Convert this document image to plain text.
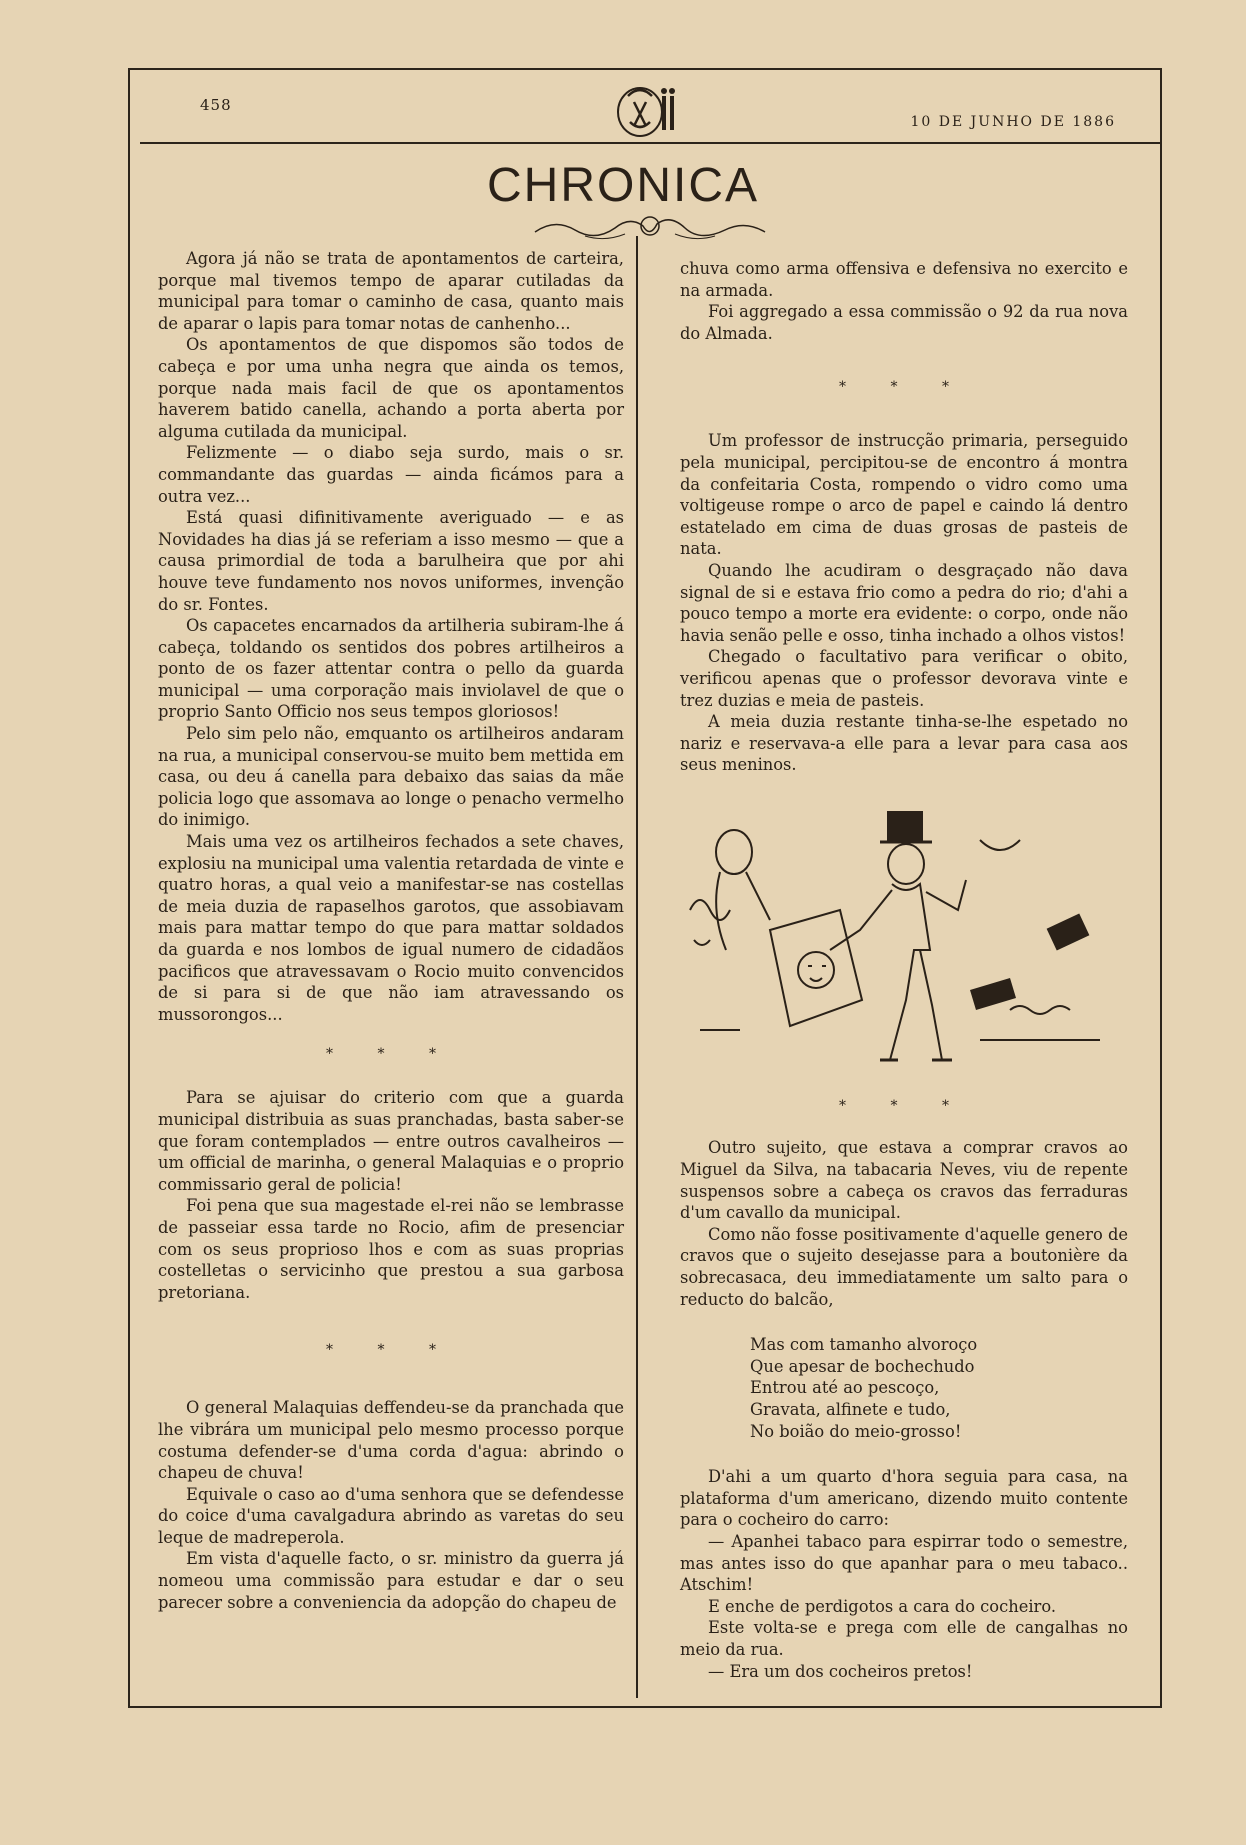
458
10 DE JUNHO DE 1886
CHRONICA

Agora já não se trata de apontamentos de carteira, porque mal tivemos tempo de aparar cutiladas da municipal para tomar o caminho de casa, quanto mais de aparar o lapis para tomar notas de canhenho...

Os apontamentos de que dispomos são todos de cabeça e por uma unha negra que ainda os temos, porque nada mais facil de que os apontamentos haverem batido canella, achando a porta aberta por alguma cutilada da municipal.

Felizmente — o diabo seja surdo, mais o sr. commandante das guardas — ainda ficámos para a outra vez...

Está quasi difinitivamente averiguado — e as Novidades ha dias já se referiam a isso mesmo — que a causa primordial de toda a barulheira que por ahi houve teve fundamento nos novos uniformes, invenção do sr. Fontes.

Os capacetes encarnados da artilheria subiram-lhe á cabeça, toldando os sentidos dos pobres artilheiros a ponto de os fazer attentar contra o pello da guarda municipal — uma corporação mais inviolavel de que o proprio Santo Officio nos seus tempos gloriosos!

Pelo sim pelo não, emquanto os artilheiros andaram na rua, a municipal conservou-se muito bem mettida em casa, ou deu á canella para debaixo das saias da mãe policia logo que assomava ao longe o penacho vermelho do inimigo.

Mais uma vez os artilheiros fechados a sete chaves, explosiu na municipal uma valentia retardada de vinte e quatro horas, a qual veio a manifestar-se nas costellas de meia duzia de rapaselhos garotos, que assobiavam mais para mattar tempo do que para mattar soldados da guarda e nos lombos de igual numero de cidadãos pacificos que atravessavam o Rocio muito convencidos de si para si de que não iam atravessando os mussorongos...

* * *

Para se ajuisar do criterio com que a guarda municipal distribuia as suas pranchadas, basta saber-se que foram contemplados — entre outros cavalheiros — um official de marinha, o general Malaquias e o proprio commissario geral de policia!

Foi pena que sua magestade el-rei não se lembrasse de passeiar essa tarde no Rocio, afim de presenciar com os seus propriosо lhos e com as suas proprias costelletas o servicinho que prestou a sua garbosa pretoriana.

* * *

O general Malaquias deffendeu-se da pranchada que lhe vibrára um municipal pelo mesmo processo porque costuma defender-se d'uma corda d'agua: abrindo o chapeu de chuva!

Equivale o caso ao d'uma senhora que se defendesse do coice d'uma cavalgadura abrindo as varetas do seu leque de madreperola.

Em vista d'aquelle facto, o sr. ministro da guerra já nomeou uma commissão para estudar e dar o seu parecer sobre a conveniencia da adopção do chapeu de

chuva como arma offensiva e defensiva no exercito e na armada.

Foi aggregado a essa commissão o 92 da rua nova do Almada.

* * *

Um professor de instrucção primaria, perseguido pela municipal, percipitou-se de encontro á montra da confeitaria Costa, rompendo o vidro como uma voltigeuse rompe o arco de papel e caindo lá dentro estatelado em cima de duas grosas de pasteis de nata.

Quando lhe acudiram o desgraçado não dava signal de si e estava frio como a pedra do rio; d'ahi a pouco tempo a morte era evidente: o corpo, onde não havia senão pelle e osso, tinha inchado a olhos vistos!

Chegado o facultativo para verificar o obito, verificou apenas que o professor devorava vinte e trez duzias e meia de pasteis.

A meia duzia restante tinha-se-lhe espetado no nariz e reservava-a elle para a levar para casa aos seus meninos.

* * *

Outro sujeito, que estava a comprar cravos ao Miguel da Silva, na tabacaria Neves, viu de repente suspensos sobre a cabeça os cravos das ferraduras d'um cavallo da municipal.

Como não fosse positivamente d'aquelle genero de cravos que o sujeito desejasse para a boutonière da sobrecasaca, deu immediatamente um salto para o reducto do balcão,

Mas com tamanho alvoroço
Que apesar de bochechudo
Entrou até ao pescoço,
Gravata, alfinete e tudo,
No boião do meio-grosso!

D'ahi a um quarto d'hora seguia para casa, na plataforma d'um americano, dizendo muito contente para o cocheiro do carro:

— Apanhei tabaco para espirrar todo o semestre, mas antes isso do que apanhar para o meu tabaco.. Atschim!

E enche de perdigotos a cara do cocheiro.

Este volta-se e prega com elle de cangalhas no meio da rua.

— Era um dos cocheiros pretos!
